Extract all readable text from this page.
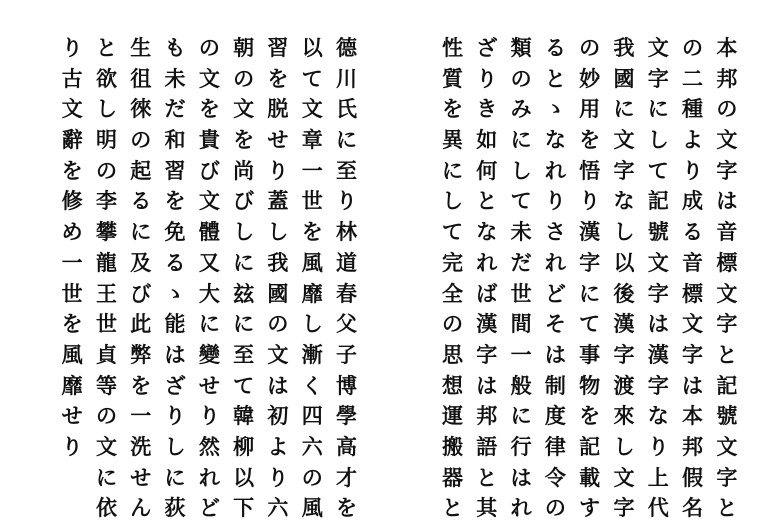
德
川
氏
に
至
り
林
道
春
父
子
博
學
高
才
を
以
て
文
章
一
世
を
風
靡
し
漸
く
四
六
の
風
習
を
脱
せ
り
蓋
し
我
國
の
文
は
初
よ
り
六
朝
の
文
を
尚
び
し
に
玆
に
至
て
韓
柳
以
下
の
文
を
貴
び
文
體
又
大
に
變
せ
り
然
れ
ど
も
未
だ
和
習
を
免
る
ゝ
能
は
ざ
り
し
に
荻
生
徂
徠
の
起
る
に
及
び
此
弊
を
一
洗
せ
ん
と
欲
し
明
の
李
攀
龍
王
世
貞
等
の
文
に
依
り
古
文
辭
を
修
め
一
世
を
風
靡
せ
り
本
邦
の
文
字
は
音
標
文
字
と
記
號
文
字
と
の
二
種
よ
り
成
る
音
標
文
字
は
本
邦
假
名
文
字
に
し
て
記
號
文
字
は
漢
字
な
り
上
代
我
國
に
文
字
な
し
以
後
漢
字
渡
來
し
文
字
の
妙
用
を
悟
り
漢
字
に
て
事
物
を
記
載
す
る
と
ゝ
な
れ
り
さ
れ
ど
そ
は
制
度
律
令
の
類
の
み
に
し
て
未
だ
世
間
一
般
に
行
は
れ
ざ
り
き
如
何
と
な
れ
ば
漢
字
は
邦
語
と
其
性
質
を
異
に
し
て
完
全
の
思
想
運
搬
器
と
